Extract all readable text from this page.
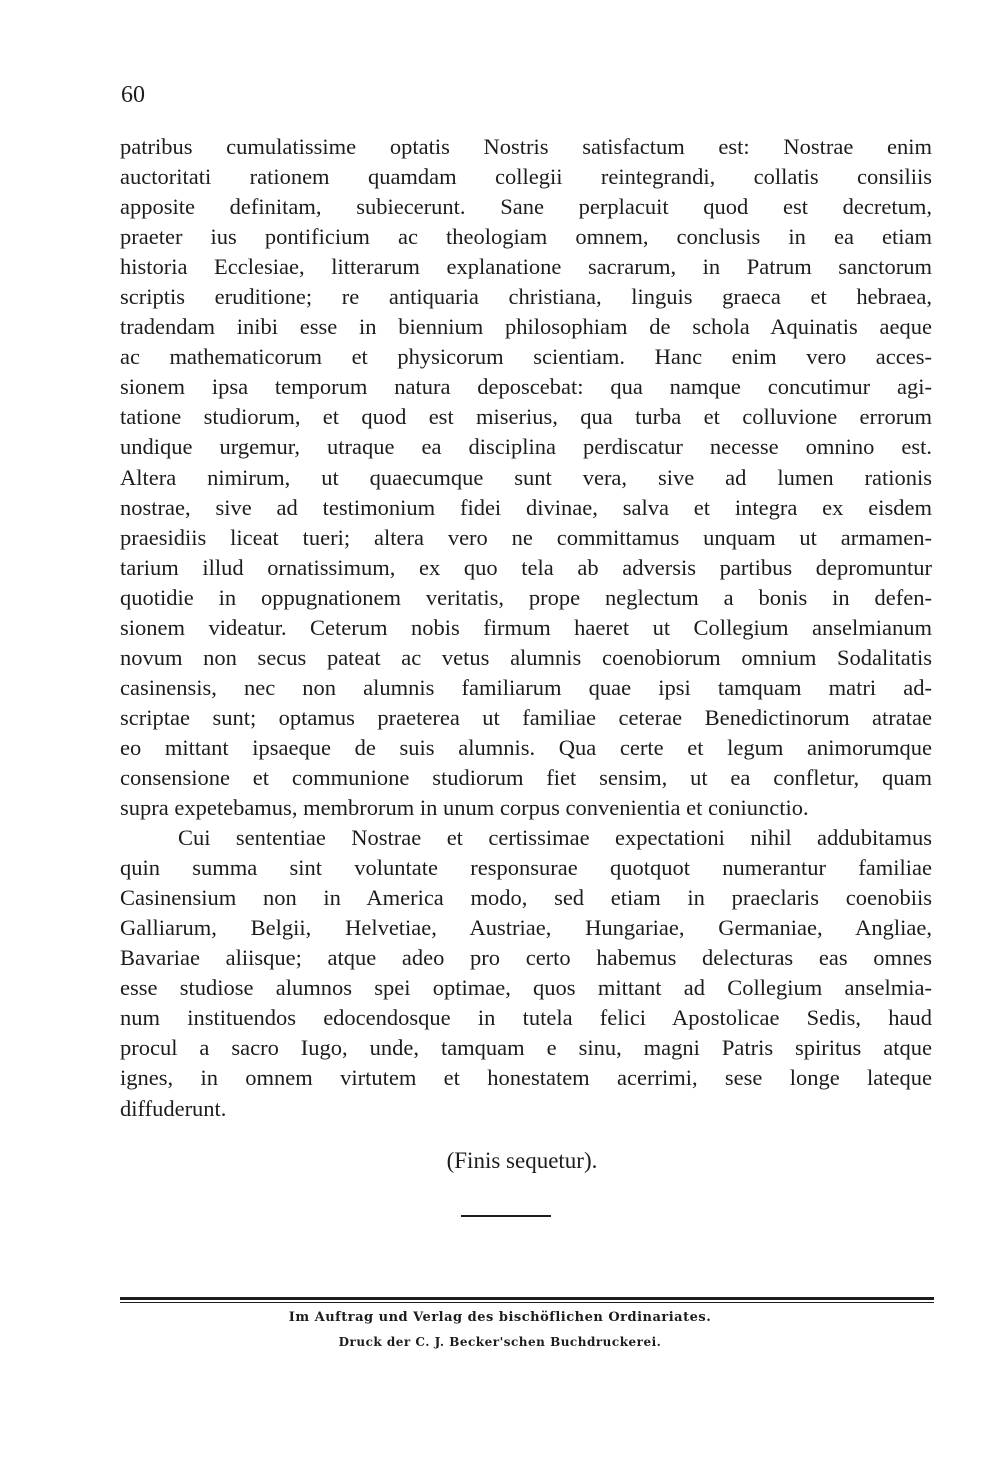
60
patribus cumulatissime optatis Nostris satisfactum est: Nostrae enim
auctoritati rationem quamdam collegii reintegrandi, collatis consiliis
apposite definitam, subiecerunt. Sane perplacuit quod est decretum,
praeter ius pontificium ac theologiam omnem, conclusis in ea etiam
historia Ecclesiae, litterarum explanatione sacrarum, in Patrum sanctorum
scriptis eruditione; re antiquaria christiana, linguis graeca et hebraea,
tradendam inibi esse in biennium philosophiam de schola Aquinatis aeque
ac mathematicorum et physicorum scientiam. Hanc enim vero acces-
sionem ipsa temporum natura deposcebat: qua namque concutimur agi-
tatione studiorum, et quod est miserius, qua turba et colluvione errorum
undique urgemur, utraque ea disciplina perdiscatur necesse omnino est.
Altera nimirum, ut quaecumque sunt vera, sive ad lumen rationis
nostrae, sive ad testimonium fidei divinae, salva et integra ex eisdem
praesidiis liceat tueri; altera vero ne committamus unquam ut armamen-
tarium illud ornatissimum, ex quo tela ab adversis partibus depromuntur
quotidie in oppugnationem veritatis, prope neglectum a bonis in defen-
sionem videatur. Ceterum nobis firmum haeret ut Collegium anselmianum
novum non secus pateat ac vetus alumnis coenobiorum omnium Sodalitatis
casinensis, nec non alumnis familiarum quae ipsi tamquam matri ad-
scriptae sunt; optamus praeterea ut familiae ceterae Benedictinorum atratae
eo mittant ipsaeque de suis alumnis. Qua certe et legum animorumque
consensione et communione studiorum fiet sensim, ut ea confletur, quam
supra expetebamus, membrorum in unum corpus convenientia et coniunctio.
Cui sententiae Nostrae et certissimae expectationi nihil addubitamus
quin summa sint voluntate responsurae quotquot numerantur familiae
Casinensium non in America modo, sed etiam in praeclaris coenobiis
Galliarum, Belgii, Helvetiae, Austriae, Hungariae, Germaniae, Angliae,
Bavariae aliisque; atque adeo pro certo habemus delecturas eas omnes
esse studiose alumnos spei optimae, quos mittant ad Collegium anselmia-
num instituendos edocendosque in tutela felici Apostolicae Sedis, haud
procul a sacro Iugo, unde, tamquam e sinu, magni Patris spiritus atque
ignes, in omnem virtutem et honestatem acerrimi, sese longe lateque
diffuderunt.
(Finis sequetur).
Im Auftrag und Verlag des bischöflichen Ordinariates.
Druck der C. J. Becker'schen Buchdruckerei.
